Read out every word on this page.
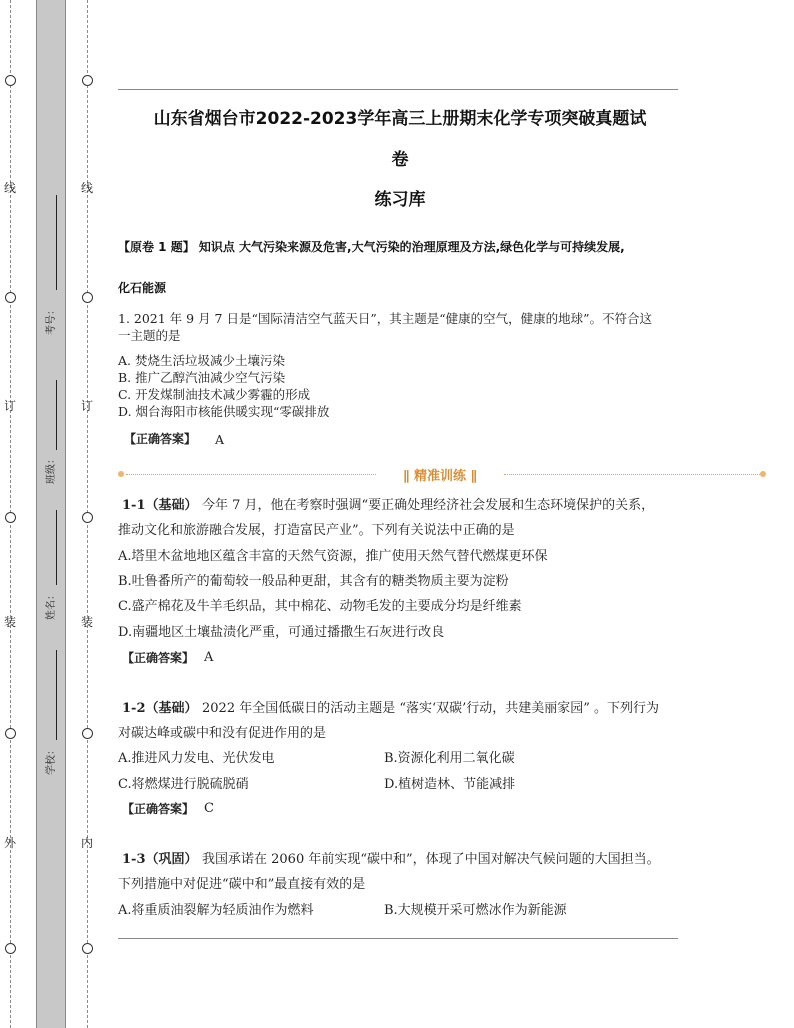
线
订
装
外
线
订
装
内
考号：
班级：
姓名：
学校：
山东省烟台市2022-2023学年高三上册期末化学专项突破真题试
卷
练习库
【原卷 1 题】 知识点 大气污染来源及危害,大气污染的治理原理及方法,绿色化学与可持续发展,
化石能源
1. 2021 年 9 月 7 日是“国际清洁空气蓝天日”，其主题是“健康的空气，健康的地球”。不符合这
一主题的是
A. 焚烧生活垃圾减少土壤污染
B. 推广乙醇汽油减少空气污染
C. 开发煤制油技术减少雾霾的形成
D. 烟台海阳市核能供暖实现“零碳排放
【正确答案】 A
∥ 精准训练 ∥
1-1（基础） 今年 7 月，他在考察时强调“要正确处理经济社会发展和生态环境保护的关系，
推动文化和旅游融合发展，打造富民产业”。下列有关说法中正确的是
A.塔里木盆地地区蕴含丰富的天然气资源，推广使用天然气替代燃煤更环保
B.吐鲁番所产的葡萄较一般品种更甜，其含有的糖类物质主要为淀粉
C.盛产棉花及牛羊毛织品，其中棉花、动物毛发的主要成分均是纤维素
D.南疆地区土壤盐渍化严重，可通过播撒生石灰进行改良
【正确答案】 A
1-2（基础） 2022 年全国低碳日的活动主题是 “落实‘双碳’行动，共建美丽家园” 。下列行为
对碳达峰或碳中和没有促进作用的是
A.推进风力发电、光伏发电	B.资源化利用二氧化碳
C.将燃煤进行脱硫脱硝	D.植树造林、节能减排
【正确答案】 C
1-3（巩固） 我国承诺在 2060 年前实现“碳中和”，体现了中国对解决气候问题的大国担当。
下列措施中对促进“碳中和”最直接有效的是
A.将重质油裂解为轻质油作为燃料	B.大规模开采可燃冰作为新能源
